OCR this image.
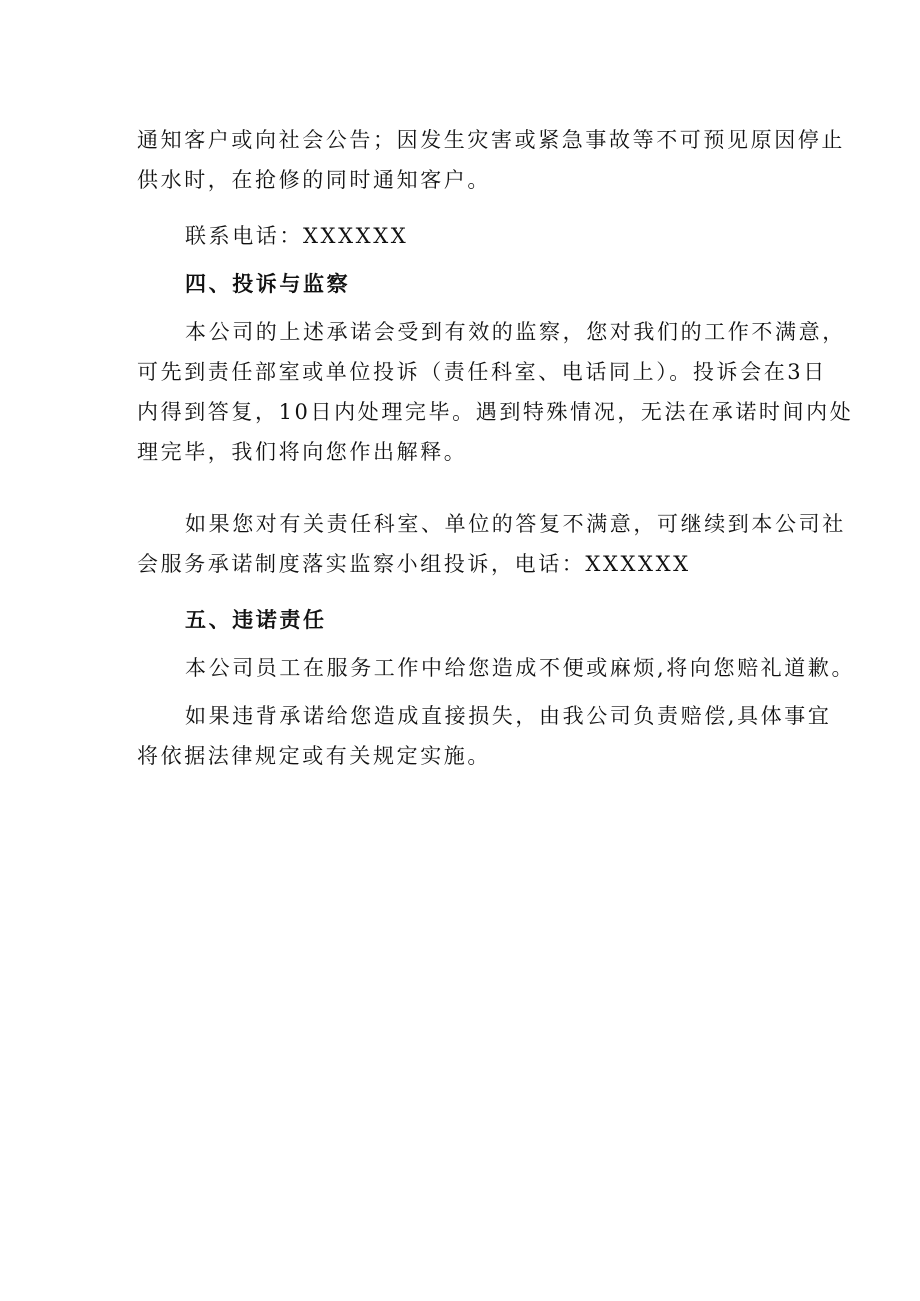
通知客户或向社会公告；因发生灾害或紧急事故等不可预见原因停止
供水时，在抢修的同时通知客户。
联系电话：XXXXXX
四、投诉与监察
本公司的上述承诺会受到有效的监察，您对我们的工作不满意，
可先到责任部室或单位投诉（责任科室、电话同上）。投诉会在3日
内得到答复，10日内处理完毕。遇到特殊情况，无法在承诺时间内处
理完毕，我们将向您作出解释。
如果您对有关责任科室、单位的答复不满意，可继续到本公司社
会服务承诺制度落实监察小组投诉，电话：XXXXXX
五、违诺责任
本公司员工在服务工作中给您造成不便或麻烦,将向您赔礼道歉。
如果违背承诺给您造成直接损失，由我公司负责赔偿,具体事宜
将依据法律规定或有关规定实施。
